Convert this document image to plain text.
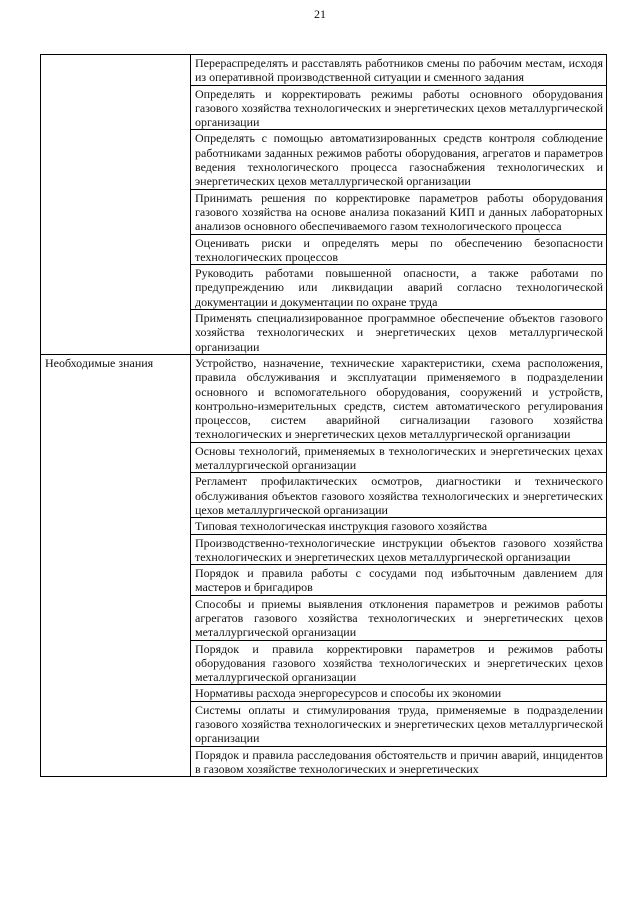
21
	Перераспределять и расставлять работников смены по рабочим местам, исходя из оперативной производственной ситуации и сменного задания
	Определять и корректировать режимы работы основного оборудования газового хозяйства технологических и энергетических цехов металлургической организации
	Определять с помощью автоматизированных средств контроля соблюдение работниками заданных режимов работы оборудования, агрегатов и параметров ведения технологического процесса газоснабжения технологических и энергетических цехов металлургической организации
	Принимать решения по корректировке параметров работы оборудования газового хозяйства на основе анализа показаний КИП и данных лабораторных анализов основного обеспечиваемого газом технологического процесса
	Оценивать риски и определять меры по обеспечению безопасности технологических процессов
	Руководить работами повышенной опасности, а также работами по предупреждению или ликвидации аварий согласно технологической документации и документации по охране труда
	Применять специализированное программное обеспечение объектов газового хозяйства технологических и энергетических цехов металлургической организации
Необходимые знания	Устройство, назначение, технические характеристики, схема расположения, правила обслуживания и эксплуатации применяемого в подразделении основного и вспомогательного оборудования, сооружений и устройств, контрольно-измерительных средств, систем автоматического регулирования процессов, систем аварийной сигнализации газового хозяйства технологических и энергетических цехов металлургической организации
	Основы технологий, применяемых в технологических и энергетических цехах металлургической организации
	Регламент профилактических осмотров, диагностики и технического обслуживания объектов газового хозяйства технологических и энергетических цехов металлургической организации
	Типовая технологическая инструкция газового хозяйства
	Производственно-технологические инструкции объектов газового хозяйства технологических и энергетических цехов металлургической организации
	Порядок и правила работы с сосудами под избыточным давлением для мастеров и бригадиров
	Способы и приемы выявления отклонения параметров и режимов работы агрегатов газового хозяйства технологических и энергетических цехов металлургической организации
	Порядок и правила корректировки параметров и режимов работы оборудования газового хозяйства технологических и энергетических цехов металлургической организации
	Нормативы расхода энергоресурсов и способы их экономии
	Системы оплаты и стимулирования труда, применяемые в подразделении газового хозяйства технологических и энергетических цехов металлургической организации
	Порядок и правила расследования обстоятельств и причин аварий, инцидентов в газовом хозяйстве технологических и энергетических
